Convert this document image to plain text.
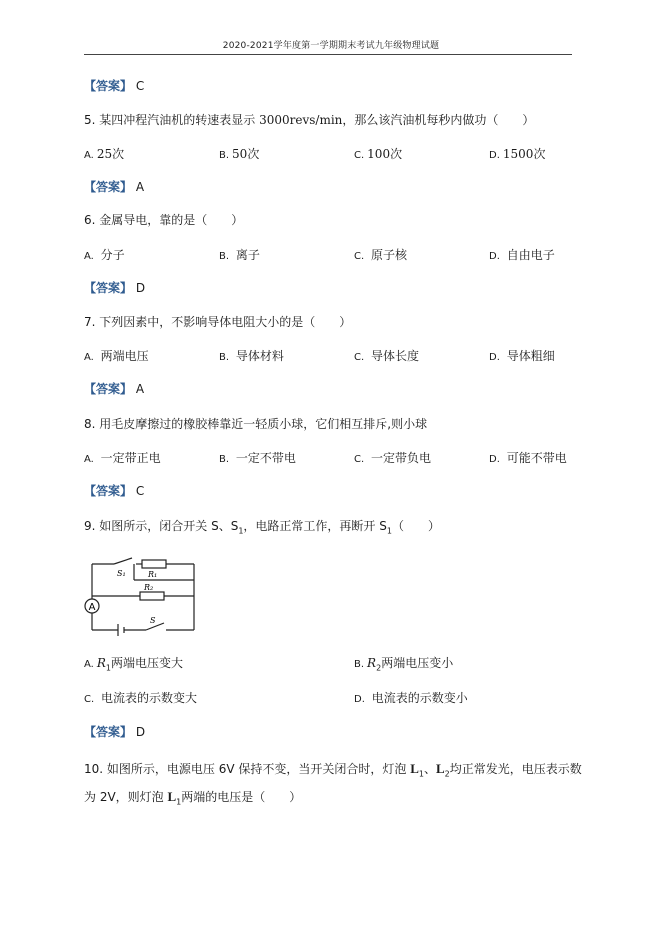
2020-2021学年度第一学期期末考试九年级物理试题
【答案】 C
5. 某四冲程汽油机的转速表显示 3000revs/min，那么该汽油机每秒内做功（　　）
A. 25次	B. 50次	C. 100次	D. 1500次
【答案】 A
6. 金属导电，靠的是（　　）
A. 分子	B. 离子	C. 原子核	D. 自由电子
【答案】 D
7. 下列因素中，不影响导体电阻大小的是（　　）
A. 两端电压	B. 导体材料	C. 导体长度	D. 导体粗细
【答案】 A
8. 用毛皮摩擦过的橡胶棒靠近一轻质小球，它们相互排斥,则小球
A. 一定带正电	B. 一定不带电	C. 一定带负电	D. 可能不带电
【答案】 C
9. 如图所示，闭合开关 S、$S_1$，电路正常工作，再断开 $S_1$（　　）
A
S₁	R₁
R₂
S
A. $R_1$两端电压变大	B. $R_2$两端电压变小
C. 电流表的示数变大	D. 电流表的示数变小
【答案】 D
10. 如图所示，电源电压 6V 保持不变，当开关闭合时，灯泡 $L_1$、$L_2$均正常发光，电压表示数
为 2V，则灯泡 $L_1$两端的电压是（　　）
